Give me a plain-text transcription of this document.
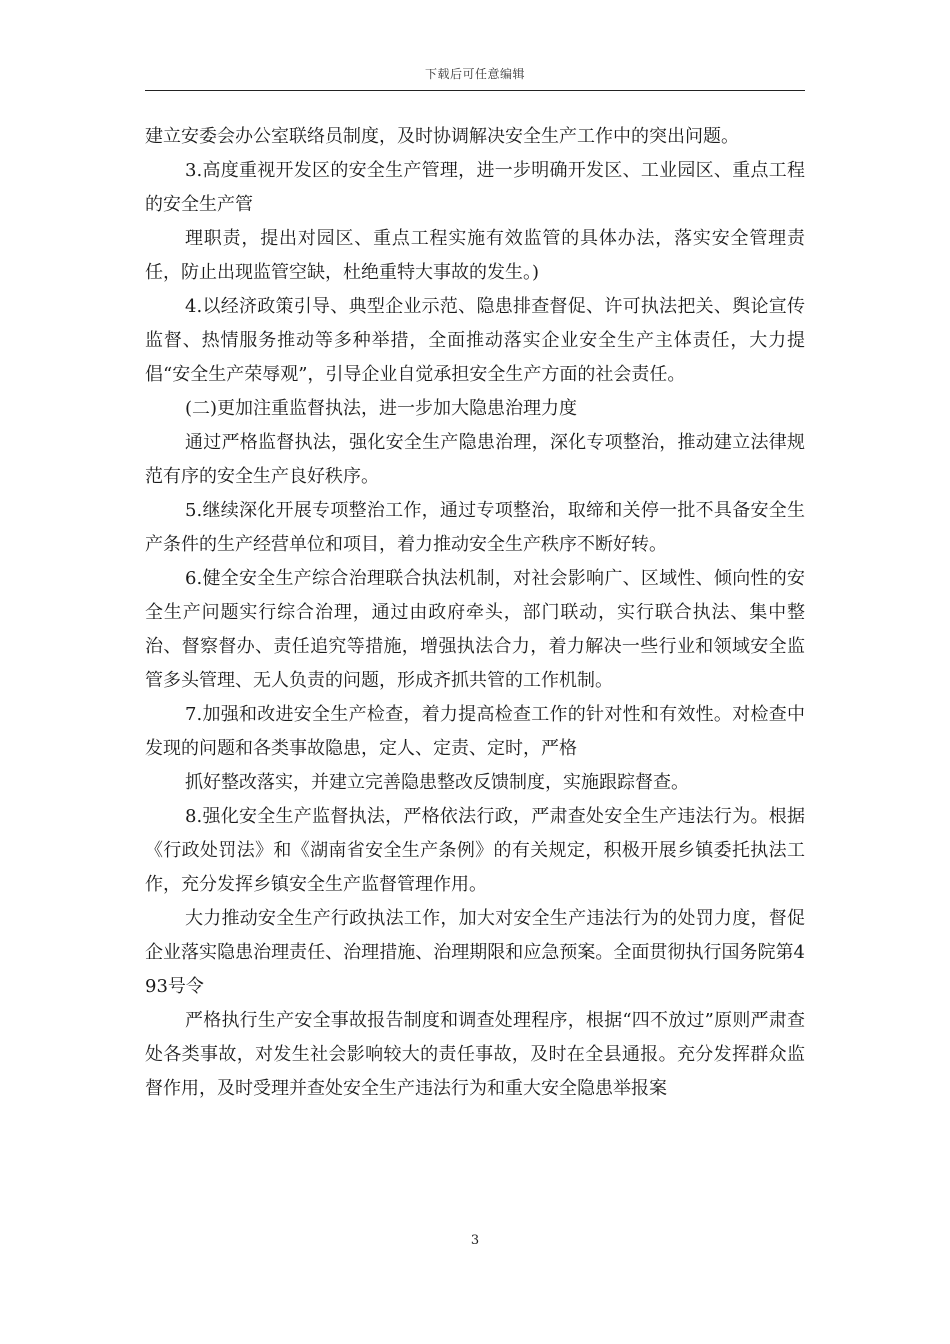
下载后可任意编辑

建立安委会办公室联络员制度，及时协调解决安全生产工作中的突出问题。

3.高度重视开发区的安全生产管理，进一步明确开发区、工业园区、重点工程的安全生产管

理职责，提出对园区、重点工程实施有效监管的具体办法，落实安全管理责任，防止出现监管空缺，杜绝重特大事故的发生。)

4.以经济政策引导、典型企业示范、隐患排查督促、许可执法把关、舆论宣传监督、热情服务推动等多种举措，全面推动落实企业安全生产主体责任，大力提倡“安全生产荣辱观”，引导企业自觉承担安全生产方面的社会责任。

(二)更加注重监督执法，进一步加大隐患治理力度

通过严格监督执法，强化安全生产隐患治理，深化专项整治，推动建立法律规范有序的安全生产良好秩序。

5.继续深化开展专项整治工作，通过专项整治，取缔和关停一批不具备安全生产条件的生产经营单位和项目，着力推动安全生产秩序不断好转。

6.健全安全生产综合治理联合执法机制，对社会影响广、区域性、倾向性的安全生产问题实行综合治理，通过由政府牵头，部门联动，实行联合执法、集中整治、督察督办、责任追究等措施，增强执法合力，着力解决一些行业和领域安全监管多头管理、无人负责的问题，形成齐抓共管的工作机制。

7.加强和改进安全生产检查，着力提高检查工作的针对性和有效性。对检查中发现的问题和各类事故隐患，定人、定责、定时，严格

抓好整改落实，并建立完善隐患整改反馈制度，实施跟踪督查。

8.强化安全生产监督执法，严格依法行政，严肃查处安全生产违法行为。根据《行政处罚法》和《湖南省安全生产条例》的有关规定，积极开展乡镇委托执法工作，充分发挥乡镇安全生产监督管理作用。

大力推动安全生产行政执法工作，加大对安全生产违法行为的处罚力度，督促企业落实隐患治理责任、治理措施、治理期限和应急预案。全面贯彻执行国务院第493号令

严格执行生产安全事故报告制度和调查处理程序，根据“四不放过”原则严肃查处各类事故，对发生社会影响较大的责任事故，及时在全县通报。充分发挥群众监督作用，及时受理并查处安全生产违法行为和重大安全隐患举报案

3
